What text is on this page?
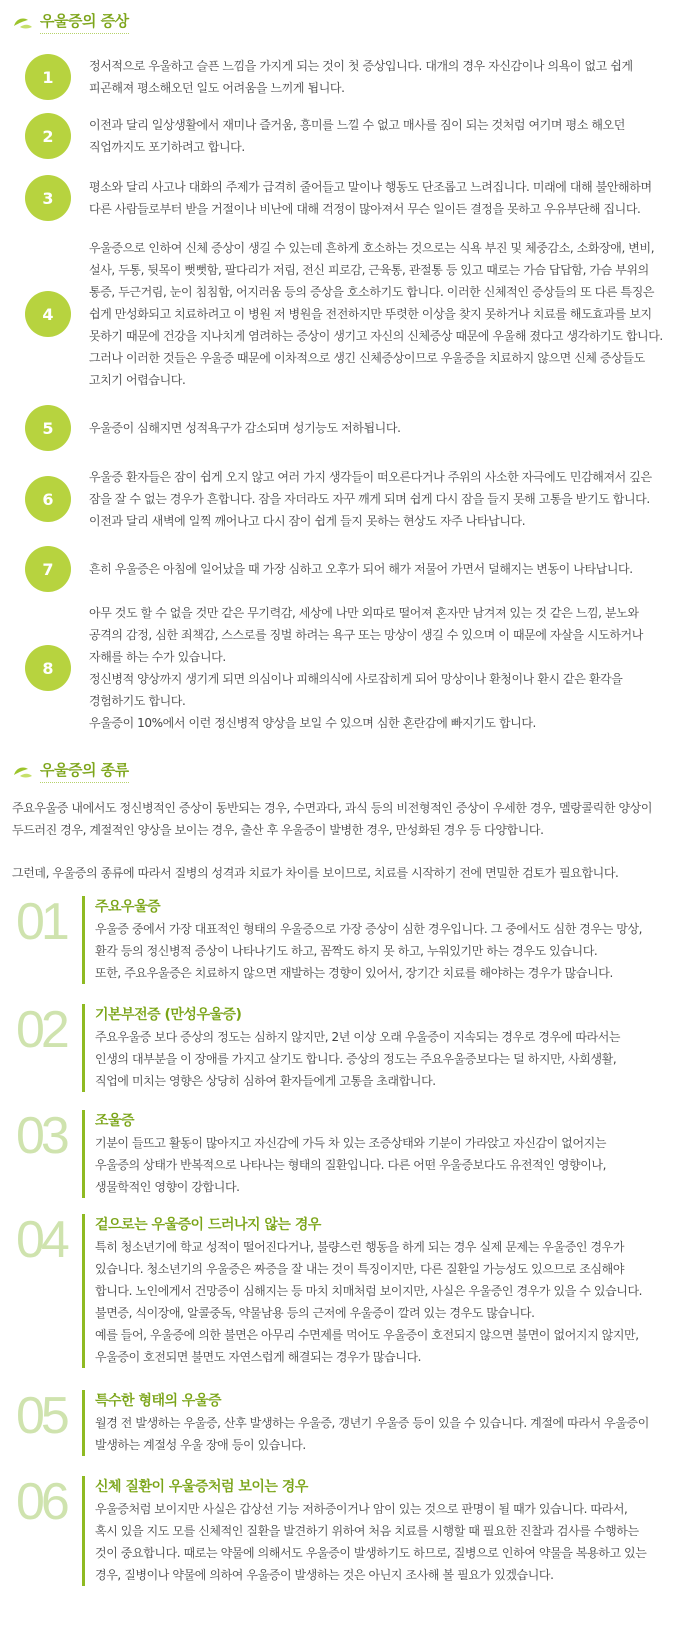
우울증의 증상
1
정서적으로 우울하고 슬픈 느낌을 가지게 되는 것이 첫 증상입니다. 대개의 경우 자신감이나 의욕이 없고 쉽게
피곤해져 평소해오던 일도 어려움을 느끼게 됩니다.
2
이전과 달리 일상생활에서 재미나 즐거움, 흥미를 느낄 수 없고 매사를 짐이 되는 것처럼 여기며 평소 해오던
직업까지도 포기하려고 합니다.
3
평소와 달리 사고나 대화의 주제가 급격히 줄어들고 말이나 행동도 단조롭고 느려집니다. 미래에 대해 불안해하며
다른 사람들로부터 받을 거절이나 비난에 대해 걱정이 많아져서 무슨 일이든 결정을 못하고 우유부단해 집니다.
4
우울증으로 인하여 신체 증상이 생길 수 있는데 흔하게 호소하는 것으로는 식욕 부진 및 체중감소, 소화장애, 변비,
설사, 두통, 뒷목이 뻣뻣함, 팔다리가 저림, 전신 피로감, 근육통, 관절통 등 있고 때로는 가슴 답답함, 가슴 부위의
통증, 두근거림, 눈이 침침함, 어지러움 등의 증상을 호소하기도 합니다. 이러한 신체적인 증상들의 또 다른 특징은
쉽게 만성화되고 치료하려고 이 병원 저 병원을 전전하지만 뚜렷한 이상을 찾지 못하거나 치료를 해도효과를 보지
못하기 때문에 건강을 지나치게 염려하는 증상이 생기고 자신의 신체증상 때문에 우울해 졌다고 생각하기도 합니다.
그러나 이러한 것들은 우울증 때문에 이차적으로 생긴 신체증상이므로 우울증을 치료하지 않으면 신체 증상들도
고치기 어렵습니다.
5	우울증이 심해지면 성적욕구가 감소되며 성기능도 저하됩니다.
6
우울증 환자들은 잠이 쉽게 오지 않고 여러 가지 생각들이 떠오른다거나 주위의 사소한 자극에도 민감해져서 깊은
잠을 잘 수 없는 경우가 흔합니다. 잠을 자더라도 자꾸 깨게 되며 쉽게 다시 잠을 들지 못해 고통을 받기도 합니다.
이전과 달리 새벽에 일찍 깨어나고 다시 잠이 쉽게 들지 못하는 현상도 자주 나타납니다.
7	흔히 우울증은 아침에 일어났을 때 가장 심하고 오후가 되어 해가 저물어 가면서 덜해지는 변동이 나타납니다.
8
아무 것도 할 수 없을 것만 같은 무기력감, 세상에 나만 외따로 떨어져 혼자만 남겨져 있는 것 같은 느낌, 분노와
공격의 감정, 심한 죄책감, 스스로를 징벌 하려는 욕구 또는 망상이 생길 수 있으며 이 때문에 자살을 시도하거나
자해를 하는 수가 있습니다.
정신병적 양상까지 생기게 되면 의심이나 피해의식에 사로잡히게 되어 망상이나 환청이나 환시 같은 환각을
경험하기도 합니다.
우울증이 10%에서 이런 정신병적 양상을 보일 수 있으며 심한 혼란감에 빠지기도 합니다.
우울증의 종류
주요우울증 내에서도 정신병적인 증상이 동반되는 경우, 수면과다, 과식 등의 비전형적인 증상이 우세한 경우, 멜랑콜릭한 양상이
두드러진 경우, 계절적인 양상을 보이는 경우, 출산 후 우울증이 발병한 경우, 만성화된 경우 등 다양합니다.
그런데, 우울증의 종류에 따라서 질병의 성격과 치료가 차이를 보이므로, 치료를 시작하기 전에 면밀한 검토가 필요합니다.
01	주요우울증
우울증 중에서 가장 대표적인 형태의 우울증으로 가장 증상이 심한 경우입니다. 그 중에서도 심한 경우는 망상,
환각 등의 정신병적 증상이 나타나기도 하고, 꼼짝도 하지 못 하고, 누워있기만 하는 경우도 있습니다.
또한, 주요우울증은 치료하지 않으면 재발하는 경향이 있어서, 장기간 치료를 해야하는 경우가 많습니다.
02	기본부전증 (만성우울증)
주요우울증 보다 증상의 정도는 심하지 않지만, 2년 이상 오래 우울증이 지속되는 경우로 경우에 따라서는
인생의 대부분을 이 장애를 가지고 살기도 합니다. 증상의 정도는 주요우울증보다는 덜 하지만, 사회생활,
직업에 미치는 영향은 상당히 심하여 환자들에게 고통을 초래합니다.
03	조울증
기분이 들뜨고 활동이 많아지고 자신감에 가득 차 있는 조증상태와 기분이 가라앉고 자신감이 없어지는
우울증의 상태가 반복적으로 나타나는 형태의 질환입니다. 다른 어떤 우울증보다도 유전적인 영향이나,
생물학적인 영향이 강합니다.
04	겉으로는 우울증이 드러나지 않는 경우
특히 청소년기에 학교 성적이 떨어진다거나, 불량스런 행동을 하게 되는 경우 실제 문제는 우울증인 경우가
있습니다. 청소년기의 우울증은 짜증을 잘 내는 것이 특징이지만, 다른 질환일 가능성도 있으므로 조심해야
합니다. 노인에게서 건망증이 심해지는 등 마치 치매처럼 보이지만, 사실은 우울증인 경우가 있을 수 있습니다.
불면증, 식이장애, 알콜중독, 약물남용 등의 근저에 우울증이 깔려 있는 경우도 많습니다.
예를 들어, 우울증에 의한 불면은 아무리 수면제를 먹어도 우울증이 호전되지 않으면 불면이 없어지지 않지만,
우울증이 호전되면 불면도 자연스럽게 해결되는 경우가 많습니다.
05	특수한 형태의 우울증
월경 전 발생하는 우울증, 산후 발생하는 우울증, 갱년기 우울증 등이 있을 수 있습니다. 계절에 따라서 우울증이
발생하는 계절성 우울 장애 등이 있습니다.
06	신체 질환이 우울증처럼 보이는 경우
우울증처럼 보이지만 사실은 갑상선 기능 저하증이거나 암이 있는 것으로 판명이 될 때가 있습니다. 따라서,
혹시 있을 지도 모를 신체적인 질환을 발견하기 위하여 처음 치료를 시행할 때 필요한 진찰과 검사를 수행하는
것이 중요합니다. 때로는 약물에 의해서도 우울증이 발생하기도 하므로, 질병으로 인하여 약물을 복용하고 있는
경우, 질병이나 약물에 의하여 우울증이 발생하는 것은 아닌지 조사해 볼 필요가 있겠습니다.
